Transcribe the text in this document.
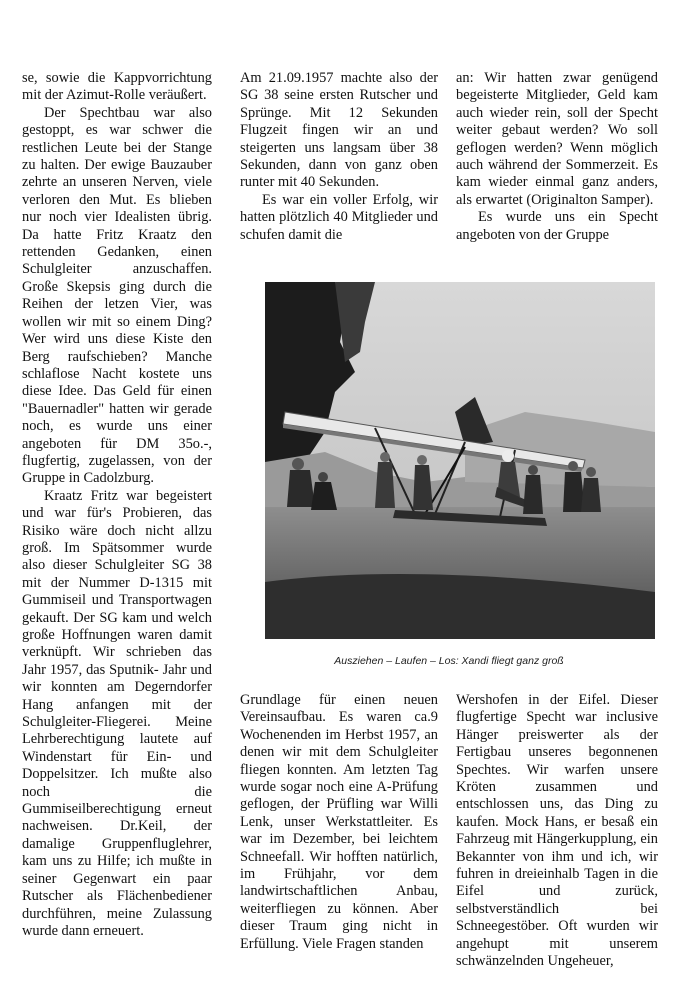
se, sowie die Kappvorrichtung mit der Azimut-Rolle veräußert.

Der Spechtbau war also gestoppt, es war schwer die restlichen Leute bei der Stange zu halten. Der ewige Bauzauber zehrte an unseren Nerven, viele verloren den Mut. Es blieben nur noch vier Idealisten übrig. Da hatte Fritz Kraatz den rettenden Gedanken, einen Schulgleiter anzuschaffen. Große Skepsis ging durch die Reihen der letzen Vier, was wollen wir mit so einem Ding? Wer wird uns diese Kiste den Berg raufschieben? Manche schlaflose Nacht kostete uns diese Idee. Das Geld für einen "Bauernadler" hatten wir gerade noch, es wurde uns einer angeboten für DM 35o.-, flugfertig, zugelassen, von der Gruppe in Cadolzburg.

Kraatz Fritz war begeistert und war für's Probieren, das Risiko wäre doch nicht allzu groß. Im Spätsommer wurde also dieser Schulgleiter SG 38 mit der Nummer D-1315 mit Gummiseil und Transportwagen gekauft. Der SG kam und welch große Hoffnungen waren damit verknüpft. Wir schrieben das Jahr 1957, das Sputnik- Jahr und wir konnten am Degerndorfer Hang anfangen mit der Schulgleiter-Fliegerei. Meine Lehrberechtigung lautete auf Windenstart für Ein- und Doppelsitzer. Ich mußte also noch die Gummiseilberechtigung erneut nachweisen. Dr.Keil, der damalige Gruppenfluglehrer, kam uns zu Hilfe; ich mußte in seiner Gegenwart ein paar Rutscher als Flächenbediener durchführen, meine Zulassung wurde dann erneuert.

Am 21.09.1957 machte also der SG 38 seine ersten Rutscher und Sprünge. Mit 12 Sekunden Flugzeit fingen wir an und steigerten uns langsam über 38 Sekunden, dann von ganz oben runter mit 40 Sekunden.

Es war ein voller Erfolg, wir hatten plötzlich 40 Mitglieder und schufen damit die

an: Wir hatten zwar genügend begeisterte Mitglieder, Geld kam auch wieder rein, soll der Specht weiter gebaut werden? Wo soll geflogen werden? Wenn möglich auch während der Sommerzeit. Es kam wieder einmal ganz anders, als erwartet (Originalton Samper).

Es wurde uns ein Specht angeboten von der Gruppe

Ausziehen – Laufen – Los: Xandi fliegt ganz groß

Grundlage für einen neuen Vereinsaufbau. Es waren ca.9 Wochenenden im Herbst 1957, an denen wir mit dem Schulgleiter fliegen konnten. Am letzten Tag wurde sogar noch eine A-Prüfung geflogen, der Prüfling war Willi Lenk, unser Werkstattleiter. Es war im Dezember, bei leichtem Schneefall. Wir hofften natürlich, im Frühjahr, vor dem landwirtschaftlichen Anbau, weiterfliegen zu können. Aber dieser Traum ging nicht in Erfüllung. Viele Fragen standen

Wershofen in der Eifel. Dieser flugfertige Specht war inclusive Hänger preiswerter als der Fertigbau unseres begonnenen Spechtes. Wir warfen unsere Kröten zusammen und entschlossen uns, das Ding zu kaufen. Mock Hans, er besaß ein Fahrzeug mit Hängerkupplung, ein Bekannter von ihm und ich, wir fuhren in dreieinhalb Tagen in die Eifel und zurück, selbstverständlich bei Schneegestöber. Oft wurden wir angehupt mit unserem schwänzelnden Ungeheuer,
